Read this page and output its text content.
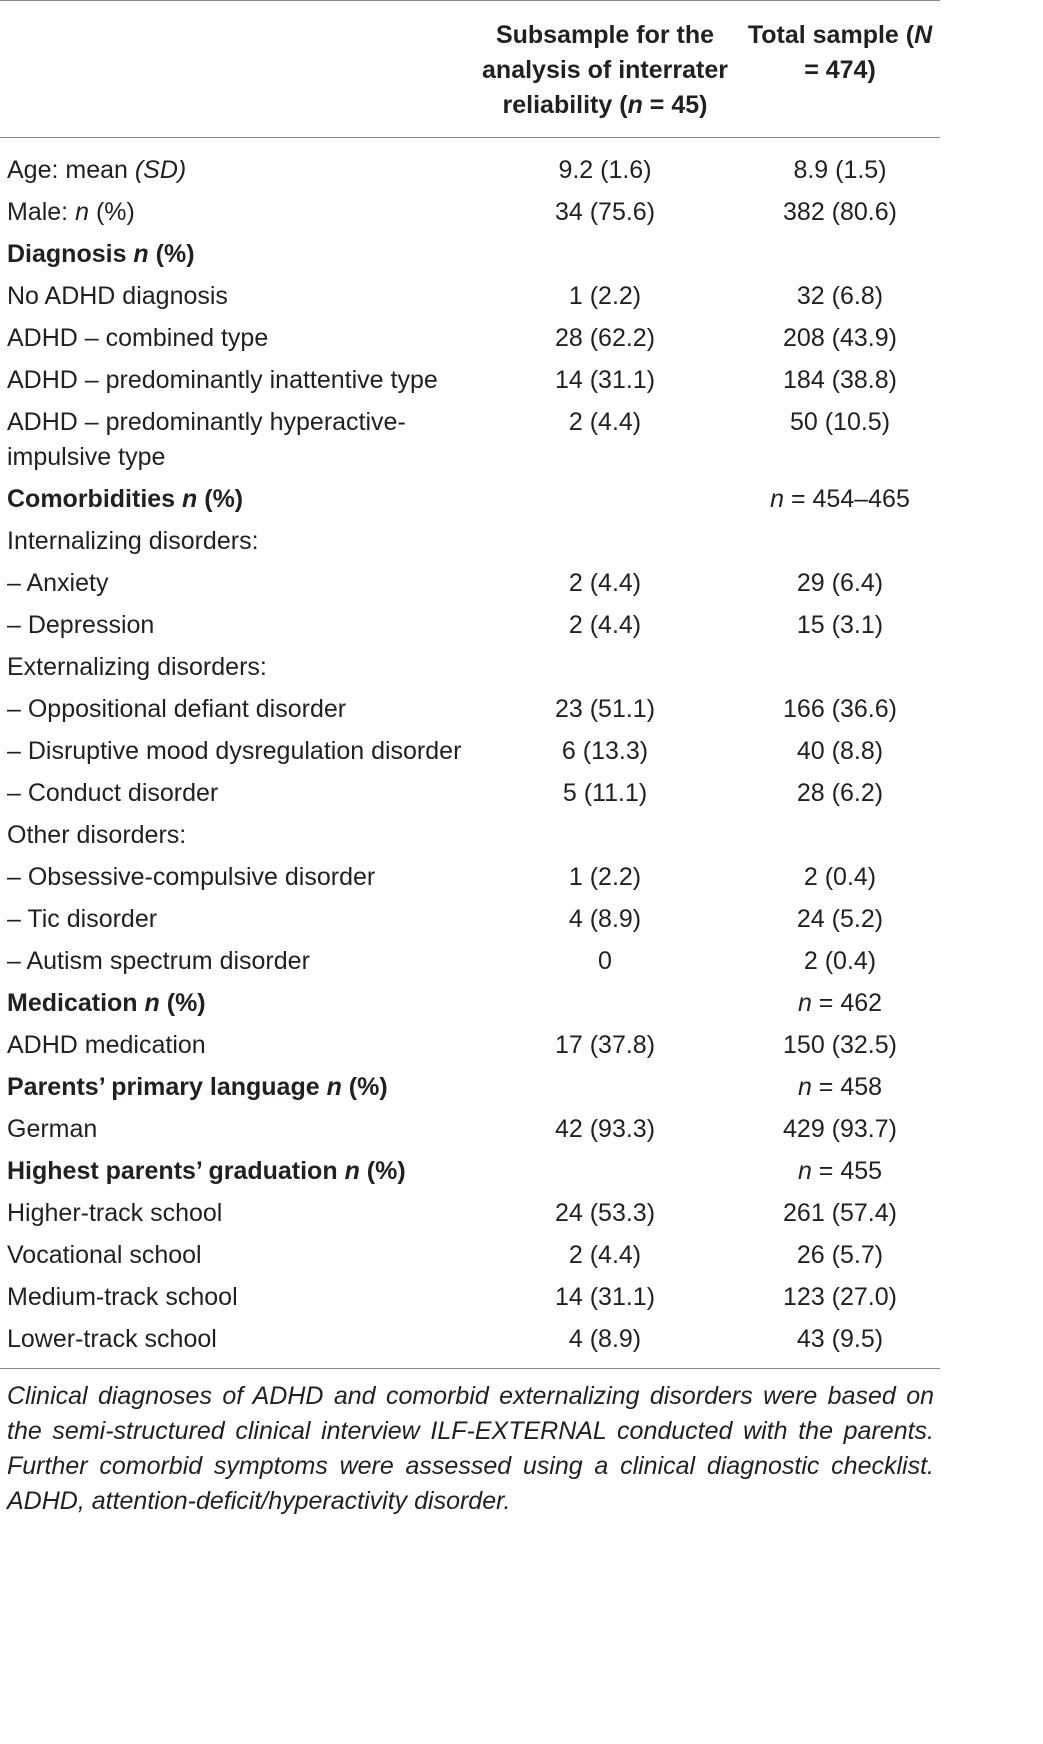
	Subsample for the analysis of interrater reliability (n = 45)	Total sample (N = 474)
Age: mean (SD)	9.2 (1.6)	8.9 (1.5)
Male: n (%)	34 (75.6)	382 (80.6)
Diagnosis n (%)		
No ADHD diagnosis	1 (2.2)	32 (6.8)
ADHD – combined type	28 (62.2)	208 (43.9)
ADHD – predominantly inattentive type	14 (31.1)	184 (38.8)
ADHD – predominantly hyperactive-impulsive type	2 (4.4)	50 (10.5)
Comorbidities n (%)		n = 454–465
Internalizing disorders:		
– Anxiety	2 (4.4)	29 (6.4)
– Depression	2 (4.4)	15 (3.1)
Externalizing disorders:		
– Oppositional defiant disorder	23 (51.1)	166 (36.6)
– Disruptive mood dysregulation disorder	6 (13.3)	40 (8.8)
– Conduct disorder	5 (11.1)	28 (6.2)
Other disorders:		
– Obsessive-compulsive disorder	1 (2.2)	2 (0.4)
– Tic disorder	4 (8.9)	24 (5.2)
– Autism spectrum disorder	0	2 (0.4)
Medication n (%)		n = 462
ADHD medication	17 (37.8)	150 (32.5)
Parents’ primary language n (%)		n = 458
German	42 (93.3)	429 (93.7)
Highest parents’ graduation n (%)		n = 455
Higher-track school	24 (53.3)	261 (57.4)
Vocational school	2 (4.4)	26 (5.7)
Medium-track school	14 (31.1)	123 (27.0)
Lower-track school	4 (8.9)	43 (9.5)
Clinical diagnoses of ADHD and comorbid externalizing disorders were based on the semi-structured clinical interview ILF-EXTERNAL conducted with the parents. Further comorbid symptoms were assessed using a clinical diagnostic checklist. ADHD, attention-deficit/hyperactivity disorder.
